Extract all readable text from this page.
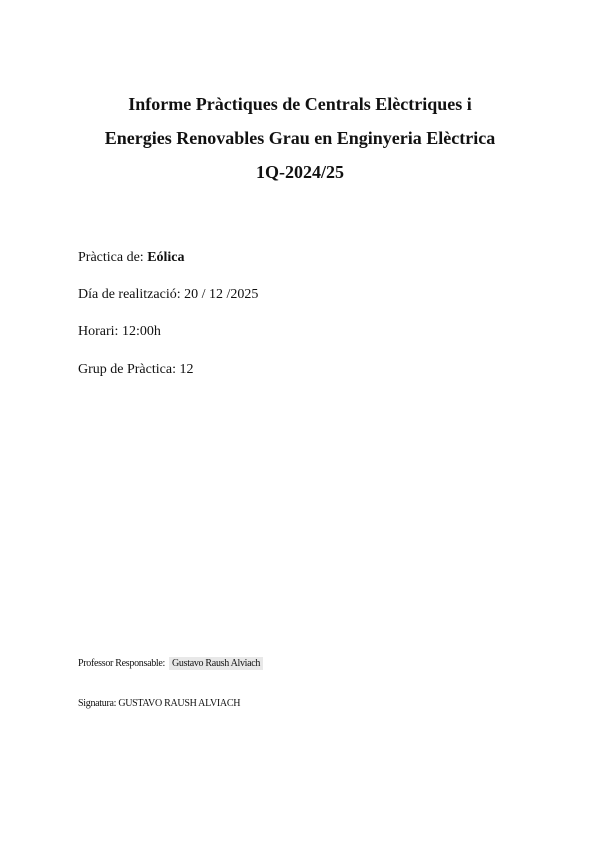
Informe Pràctiques de Centrals Elèctriques i
Energies Renovables Grau en Enginyeria Elèctrica
1Q-2024/25
Pràctica de: Eólica
Día de realització: 20 / 12 /2025
Horari: 12:00h
Grup de Pràctica: 12
Professor Responsable: Gustavo Raush Alviach
Signatura: GUSTAVO RAUSH ALVIACH
